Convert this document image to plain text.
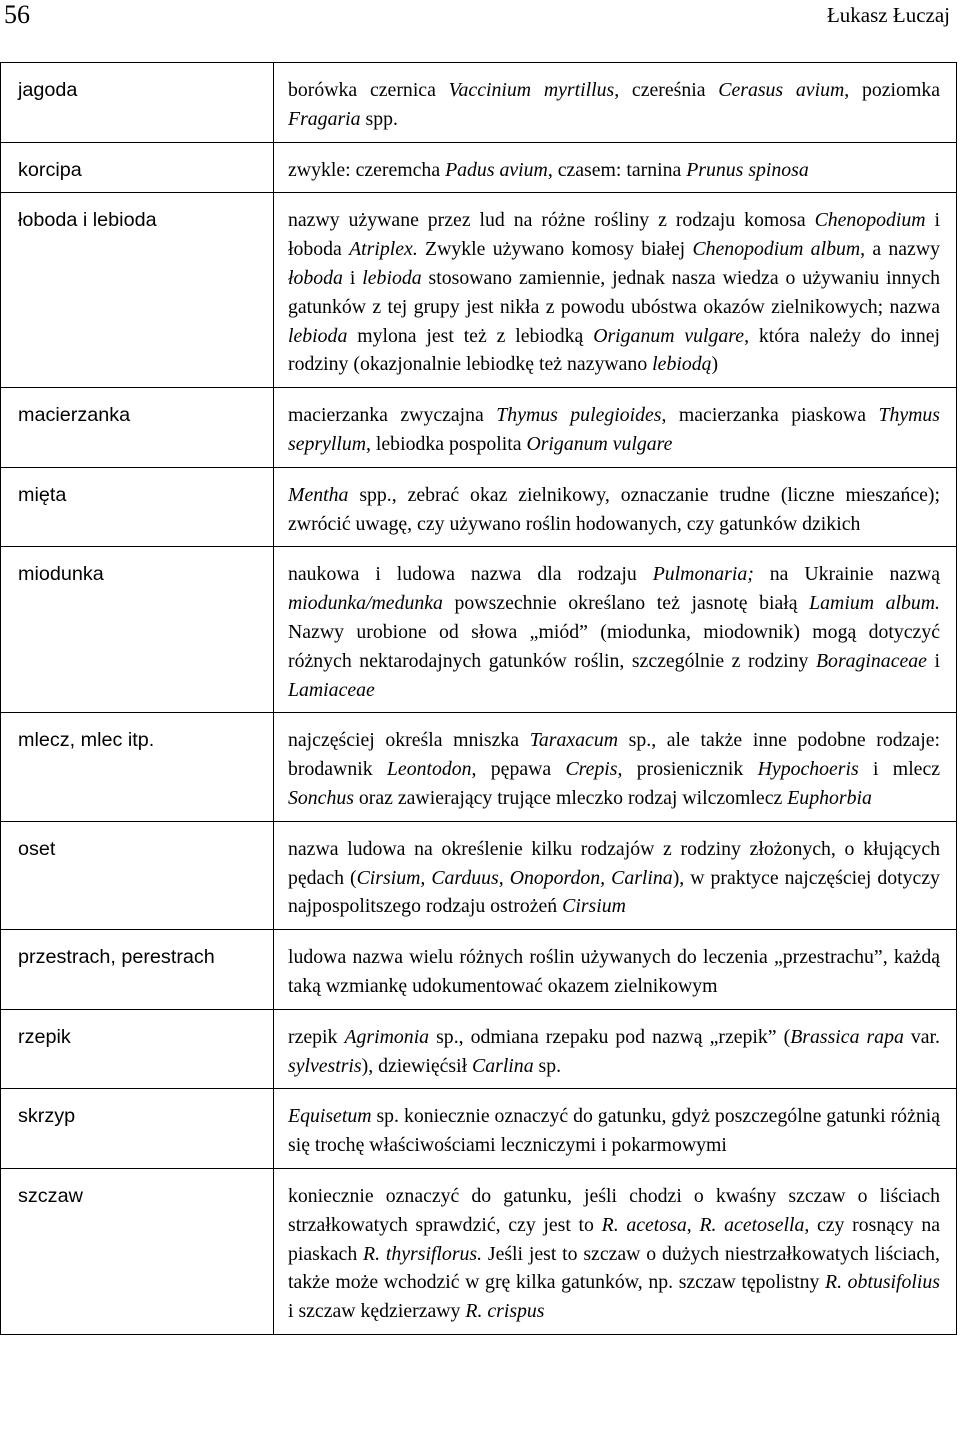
56	Łukasz Łuczaj
jagoda	borówka czernica Vaccinium myrtillus, czereśnia Cerasus avium, poziomka Fragaria spp.
korcipa	zwykle: czeremcha Padus avium, czasem: tarnina Prunus spinosa
łoboda i lebioda	nazwy używane przez lud na różne rośliny z rodzaju komosa Chenopodium i łoboda Atriplex. Zwykle używano komosy białej Chenopodium album, a nazwy łoboda i lebioda stosowano zamiennie, jednak nasza wiedza o używaniu innych gatunków z tej grupy jest nikła z powodu ubóstwa okazów zielnikowych; nazwa lebioda mylona jest też z lebiodką Origanum vulgare, która należy do innej rodziny (okazjonalnie lebiodkę też nazywano lebiodą)
macierzanka	macierzanka zwyczajna Thymus pulegioides, macierzanka piaskowa Thymus sepryllum, lebiodka pospolita Origanum vulgare
mięta	Mentha spp., zebrać okaz zielnikowy, oznaczanie trudne (liczne mieszańce); zwrócić uwagę, czy używano roślin hodowanych, czy gatunków dzikich
miodunka	naukowa i ludowa nazwa dla rodzaju Pulmonaria; na Ukrainie nazwą miodunka/medunka powszechnie określano też jasnotę białą Lamium album. Nazwy urobione od słowa „miód” (miodunka, miodownik) mogą dotyczyć różnych nektarodajnych gatunków roślin, szczególnie z rodziny Boraginaceae i Lamiaceae
mlecz, mlec itp.	najczęściej określa mniszka Taraxacum sp., ale także inne podobne rodzaje: brodawnik Leontodon, pępawa Crepis, prosienicznik Hypochoeris i mlecz Sonchus oraz zawierający trujące mleczko rodzaj wilczomlecz Euphorbia
oset	nazwa ludowa na określenie kilku rodzajów z rodziny złożonych, o kłujących pędach (Cirsium, Carduus, Onopordon, Carlina), w praktyce najczęściej dotyczy najpospolitszego rodzaju ostrożeń Cirsium
przestrach, perestrach	ludowa nazwa wielu różnych roślin używanych do leczenia „przestrachu”, każdą taką wzmiankę udokumentować okazem zielnikowym
rzepik	rzepik Agrimonia sp., odmiana rzepaku pod nazwą „rzepik” (Brassica rapa var. sylvestris), dziewięćsił Carlina sp.
skrzyp	Equisetum sp. koniecznie oznaczyć do gatunku, gdyż poszczególne gatunki różnią się trochę właściwościami leczniczymi i pokarmowymi
szczaw	koniecznie oznaczyć do gatunku, jeśli chodzi o kwaśny szczaw o liściach strzałkowatych sprawdzić, czy jest to R. acetosa, R. acetosella, czy rosnący na piaskach R. thyrsiflorus. Jeśli jest to szczaw o dużych niestrzałkowatych liściach, także może wchodzić w grę kilka gatunków, np. szczaw tępolistny R. obtusifolius i szczaw kędzierzawy R. crispus
